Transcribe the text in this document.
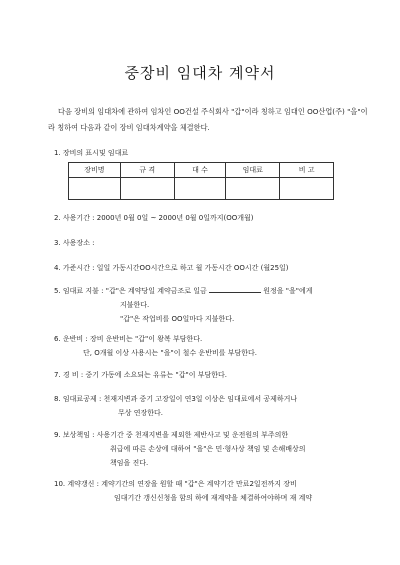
중장비 임대차 계약서
다음 장비의 임대차에 관하여 임차인 OO건설 주식회사 "갑"이라 칭하고 임대인 OO산업(주) "을"이라 칭하여 다음과 같이 장비 임대차계약을 체결한다.
1. 장비의 표시및 임대료
장비명	규 격	대 수	임대료	비 고

2. 사용기간 : 2000년 0월 0일 ~ 2000년 0월 0일까지(OO개월)
3. 사용장소 :
4. 가준시간 : 일일 가동시간OO시간으로 하고 월 가동시간 OO시간 (월25일)
5. 임대료 지불 : "갑"은 계약당일 계약금조로 일금	원정을 "을"에게
지불한다.
"갑"은 작업비를 OO일마다 지불한다.
6. 운반비 : 장비 운반비는 "갑"이 왕복 부담한다.
단, O개월 이상 사용시는 "을"이 철수 운반비를 부담한다.
7. 경 비 : 중기 가동에 소요되는 유류는 "갑"이 부담한다.
8. 임대료공제 : 천재지변과 중기 고장일이 연3일 이상은 임대료에서 공제하거나
무상 연장한다.
9. 보상책임 : 사용기간 중 천재지변을 제외한 제반사고 및 운전원의 부주의한
취급에 따른 손상에 대하여 "을"은 민·형사상 책임 및 손해배상의
책임을 진다.
10. 계약갱신 : 계약기간의 연장을 원할 때 "갑"은 계약기간 만료2일전까지 장비
임대기간 갱신신청을 함의 하에 재계약을 체결하여야하며 재 계약
